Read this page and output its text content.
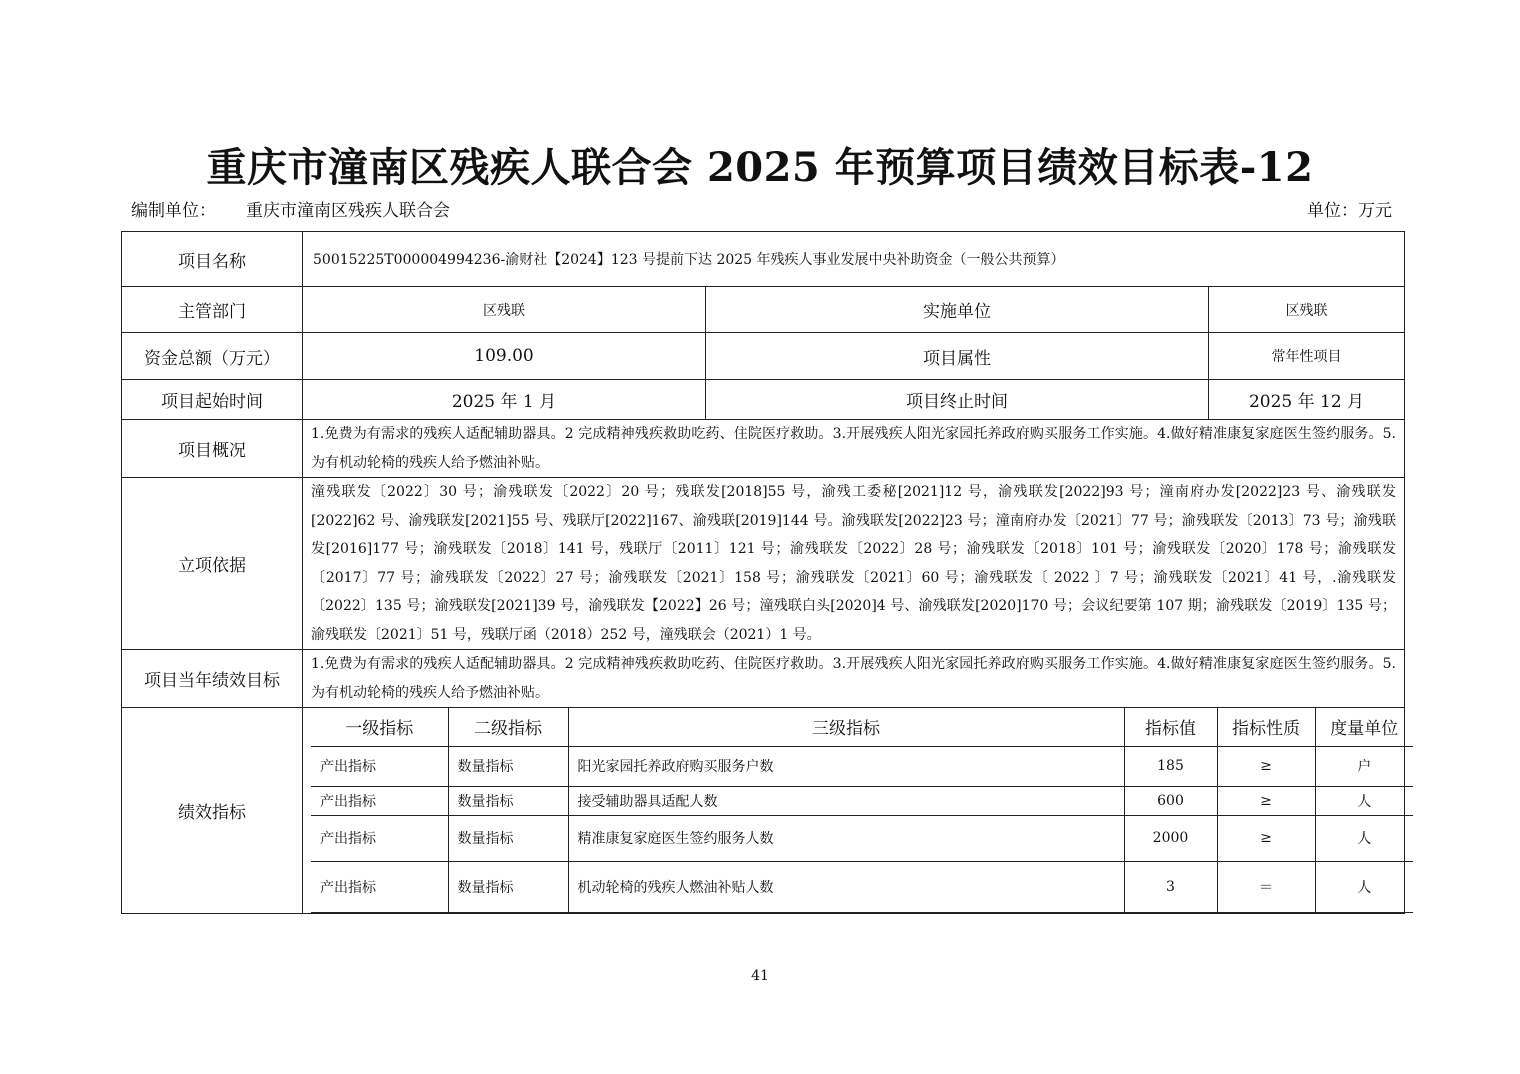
重庆市潼南区残疾人联合会 2025 年预算项目绩效目标表-12
编制单位： 重庆市潼南区残疾人联合会	单位：万元
项目名称	50015225T000004994236-渝财社【2024】123 号提前下达 2025 年残疾人事业发展中央补助资金（一般公共预算）
主管部门	区残联	实施单位	区残联
资金总额（万元）	109.00	项目属性	常年性项目
项目起始时间	2025 年 1 月	项目终止时间	2025 年 12 月
项目概况	1.免费为有需求的残疾人适配辅助器具。2 完成精神残疾救助吃药、住院医疗救助。3.开展残疾人阳光家园托养政府购买服务工作实施。4.做好精准康复家庭医生签约服务。5.为有机动轮椅的残疾人给予燃油补贴。
立项依据	潼残联发〔2022〕30 号；渝残联发〔2022〕20 号；残联发[2018]55 号，渝残工委秘[2021]12 号，渝残联发[2022]93 号；潼南府办发[2022]23 号、渝残联发[2022]62 号、渝残联发[2021]55 号、残联厅[2022]167、渝残联[2019]144 号。渝残联发[2022]23 号；潼南府办发〔2021〕77 号；渝残联发〔2013〕73 号；渝残联发[2016]177 号；渝残联发〔2018〕141 号，残联厅〔2011〕121 号；渝残联发〔2022〕28 号；渝残联发〔2018〕101 号；渝残联发〔2020〕178 号；渝残联发〔2017〕77 号；渝残联发〔2022〕27 号；渝残联发〔2021〕158 号；渝残联发〔2021〕60 号；渝残联发〔 2022 〕7 号；渝残联发〔2021〕41 号，.渝残联发〔2022〕135 号；渝残联发[2021]39 号，渝残联发【2022】26 号；潼残联白头[2020]4 号、渝残联发[2020]170 号；会议纪要第 107 期；渝残联发〔2019〕135 号；渝残联发〔2021〕51 号，残联厅函（2018）252 号，潼残联会（2021）1 号。
项目当年绩效目标	1.免费为有需求的残疾人适配辅助器具。2 完成精神残疾救助吃药、住院医疗救助。3.开展残疾人阳光家园托养政府购买服务工作实施。4.做好精准康复家庭医生签约服务。5.为有机动轮椅的残疾人给予燃油补贴。
绩效指标	
一级指标	二级指标	三级指标	指标值	指标性质	度量单位
产出指标	数量指标	阳光家园托养政府购买服务户数	185	≥	户
产出指标	数量指标	接受辅助器具适配人数	600	≥	人
产出指标	数量指标	精准康复家庭医生签约服务人数	2000	≥	人
产出指标	数量指标	机动轮椅的残疾人燃油补贴人数	3	＝	人
41
